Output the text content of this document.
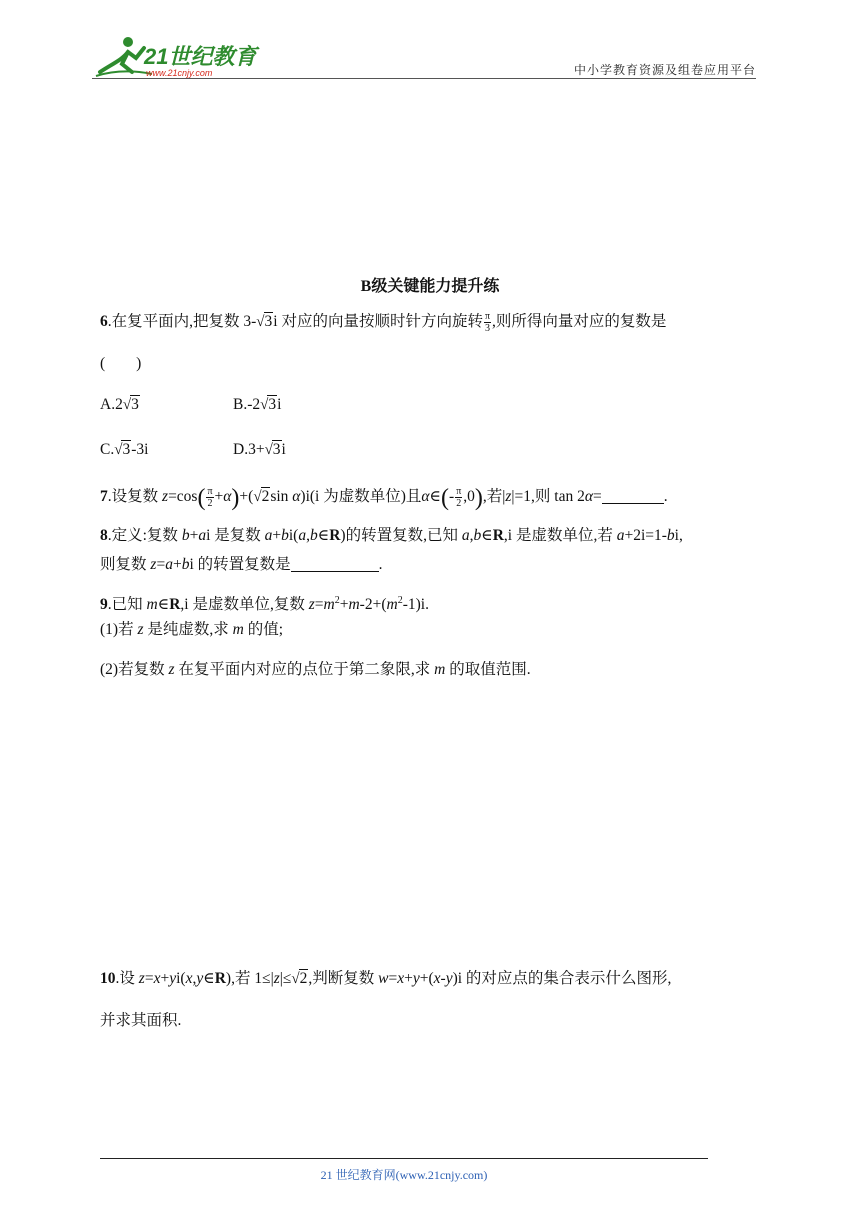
21世纪教育
www.21cnjy.com	中小学教育资源及组卷应用平台
B级关键能力提升练
6.在复平面内,把复数 3-√3i 对应的向量按顺时针方向旋转 $\frac{\pi}{3}$ ,则所得向量对应的复数是
(　　)
A.2√3	B.-2√3i
C.√3-3i	D.3+√3i
7.设复数 $z=\cos( \frac{\pi}{2} +\alpha)+(√2\sin$ α)i(i 为虚数单位)且α∈(- $\frac{\pi}{2} ,0$),若|z|=1,则 tan 2α=	.
8.定义:复数 b+ai 是复数 a+bi(a,b∈R)的转置复数,已知 a,b∈R,i 是虚数单位,若 a+2i=1-bi,
则复数 z=a+bi 的转置复数是	.
9.已知 m∈R,i 是虚数单位,复数 $z=m^2+m-2+(m^2-1)i$.
(1)若 z 是纯虚数,求 m 的值;
(2)若复数 z 在复平面内对应的点位于第二象限,求 m 的取值范围.
10.设 z=x+yi(x,y∈R),若 1≤|z|≤√2,判断复数 w=x+y+(x-y)i 的对应点的集合表示什么图形,
并求其面积.
21 世纪教育网(www.21cnjy.com)
